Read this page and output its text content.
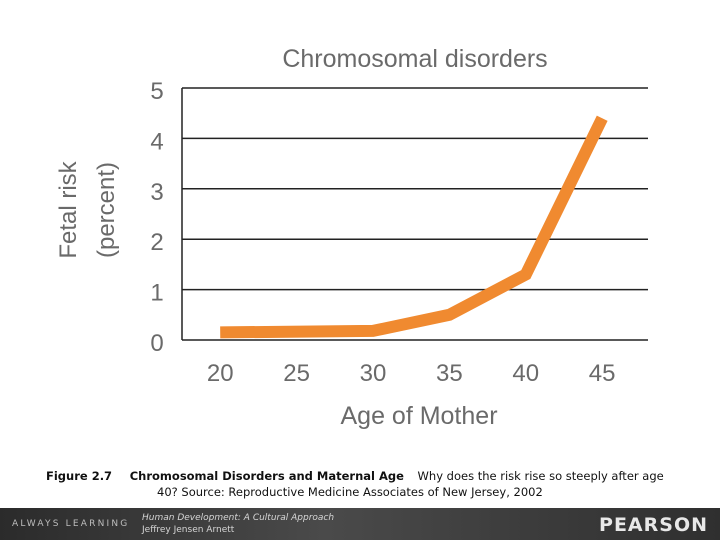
Chromosomal disorders
0
1
2
3
4
5
20 25 30 35 40 45
Age of Mother
Fetal risk (percent)
Figure 2.7 Chromosomal Disorders and Maternal Age Why does the risk rise so steeply after age
40? Source: Reproductive Medicine Associates of New Jersey, 2002
ALWAYS LEARNING
Human Development: A Cultural Approach
Jeffrey Jensen Arnett	PEARSON
